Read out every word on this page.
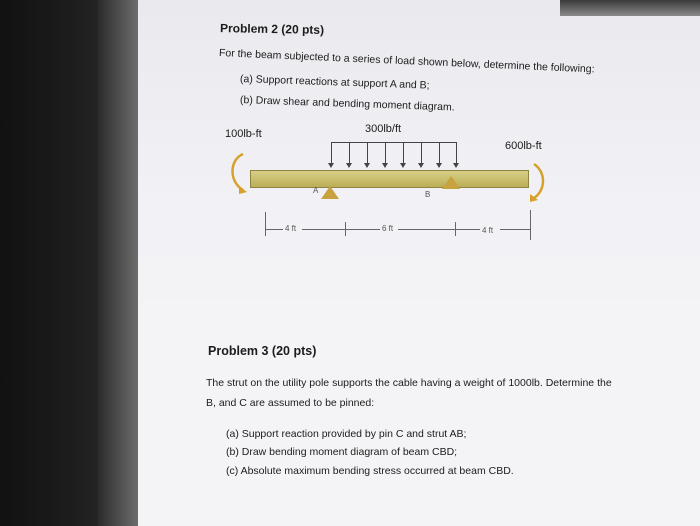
Problem 2 (20 pts)
For the beam subjected to a series of load shown below, determine the following:
(a) Support reactions at support A and B;
(b) Draw shear and bending moment diagram.
100lb-ft	300lb/ft
600lb-ft
A	B
4 ft	6 ft	4 ft
Problem 3 (20 pts)
The strut on the utility pole supports the cable having a weight of 1000lb. Determine the
B, and C are assumed to be pinned:
(a) Support reaction provided by pin C and strut AB;
(b) Draw bending moment diagram of beam CBD;
(c) Absolute maximum bending stress occurred at beam CBD.
